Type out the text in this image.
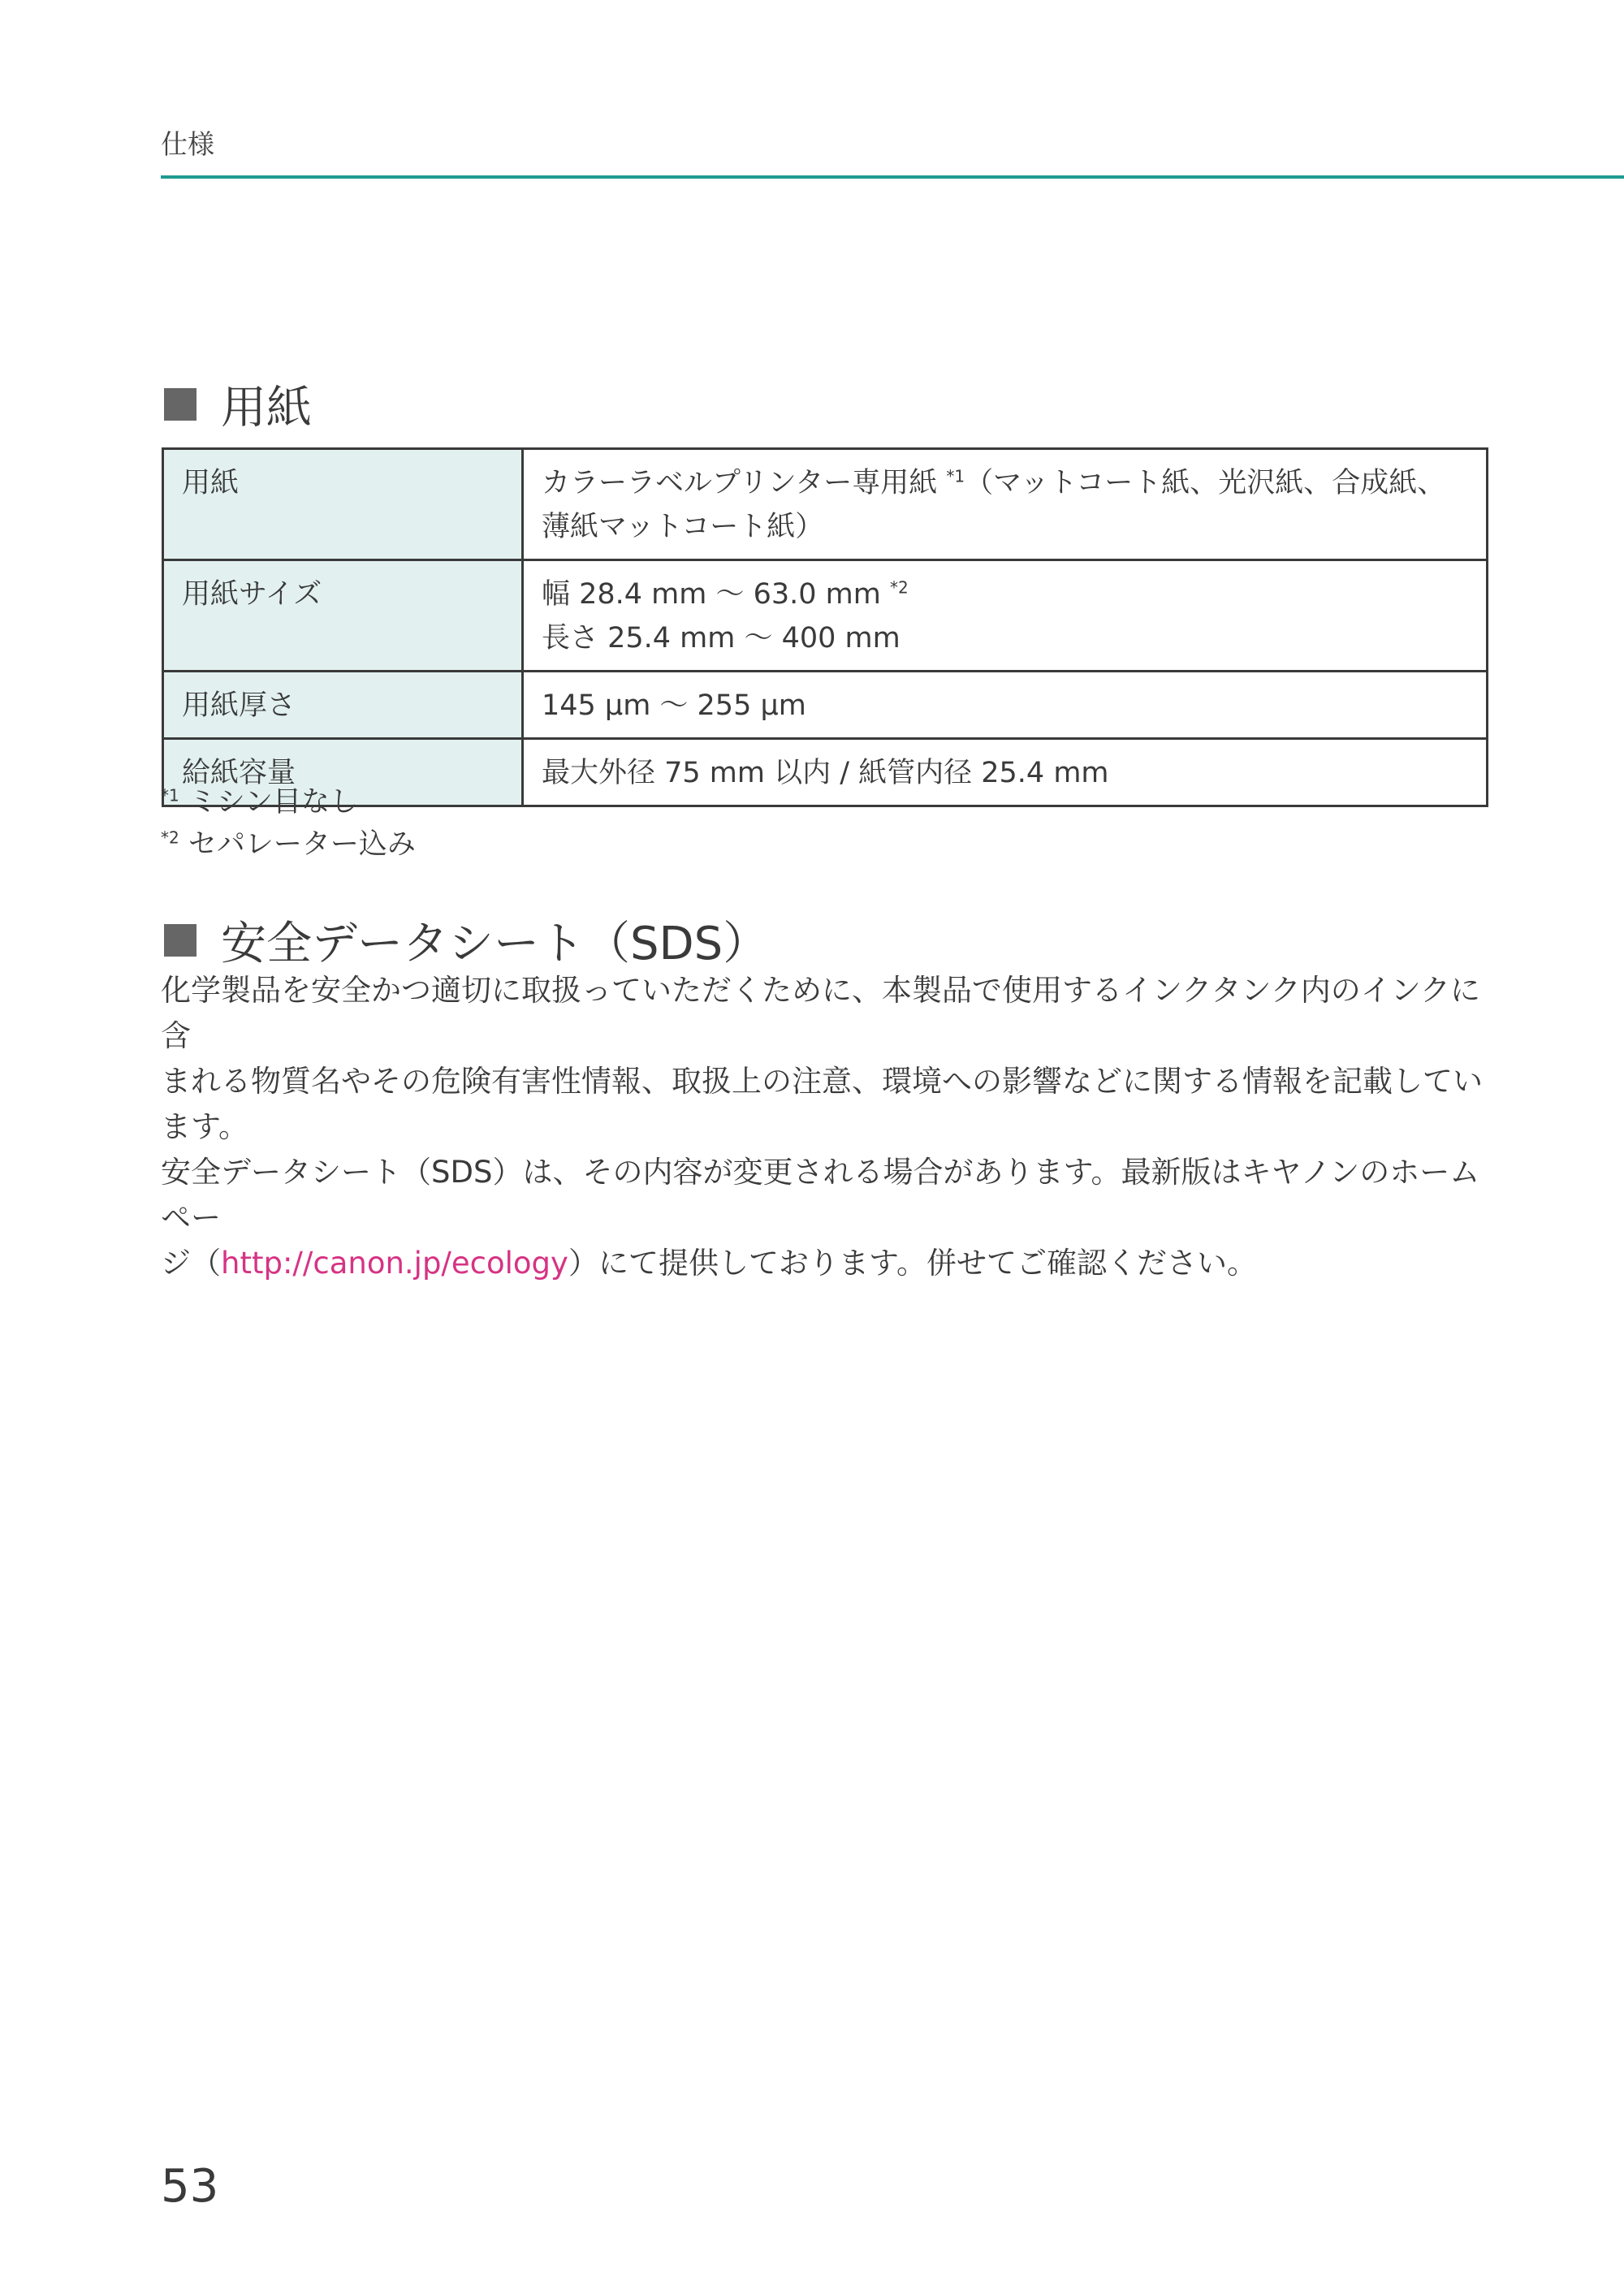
仕様
用紙
用紙	カラーラベルプリンター専用紙 $^{*1}$（マットコート紙、光沢紙、合成紙、
薄紙マットコート紙）
用紙サイズ	幅 28.4 mm 〜 63.0 mm $^{*2}$
長さ 25.4 mm 〜 400 mm
用紙厚さ	145 μm 〜 255 μm
給紙容量	最大外径 75 mm 以内 / 紙管内径 25.4 mm
$^{*1}$ ミシン目なし
$^{*2}$ セパレーター込み
安全データシート（SDS）
化学製品を安全かつ適切に取扱っていただくために、本製品で使用するインクタンク内のインクに含
まれる物質名やその危険有害性情報、取扱上の注意、環境への影響などに関する情報を記載しています。
安全データシート（SDS）は、その内容が変更される場合があります。最新版はキヤノンのホームペー
ジ（http://canon.jp/ecology）にて提供しております。併せてご確認ください。
53
